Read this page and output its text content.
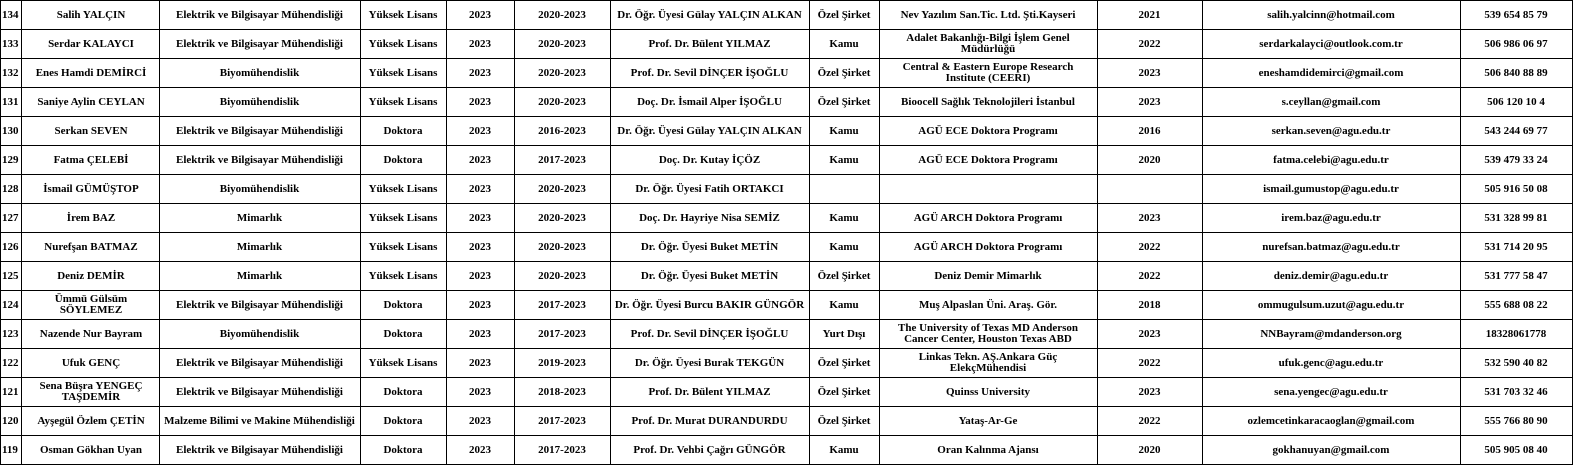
134	Salih YALÇIN	Elektrik ve Bilgisayar Mühendisliği	Yüksek Lisans	2023	2020-2023	Dr. Öğr. Üyesi Gülay YALÇIN ALKAN	Özel Şirket	Nev Yazılım San.Tic. Ltd. Şti.Kayseri	2021	salih.yalcinn@hotmail.com	539 654 85 79
133	Serdar KALAYCI	Elektrik ve Bilgisayar Mühendisliği	Yüksek Lisans	2023	2020-2023	Prof. Dr. Bülent YILMAZ	Kamu	Adalet Bakanlığı-Bilgi İşlem Genel Müdürlüğü	2022	serdarkalayci@outlook.com.tr	506 986 06 97
132	Enes Hamdi DEMİRCİ	Biyomühendislik	Yüksek Lisans	2023	2020-2023	Prof. Dr. Sevil DİNÇER İŞOĞLU	Özel Şirket	Central & Eastern Europe Research Institute (CEERI)	2023	eneshamdidemirci@gmail.com	506 840 88 89
131	Saniye Aylin CEYLAN	Biyomühendislik	Yüksek Lisans	2023	2020-2023	Doç. Dr. İsmail Alper İŞOĞLU	Özel Şirket	Bioocell Sağlık Teknolojileri İstanbul	2023	s.ceyllan@gmail.com	506 120 10 4
130	Serkan SEVEN	Elektrik ve Bilgisayar Mühendisliği	Doktora	2023	2016-2023	Dr. Öğr. Üyesi Gülay YALÇIN ALKAN	Kamu	AGÜ ECE Doktora Programı	2016	serkan.seven@agu.edu.tr	543 244 69 77
129	Fatma ÇELEBİ	Elektrik ve Bilgisayar Mühendisliği	Doktora	2023	2017-2023	Doç. Dr. Kutay İÇÖZ	Kamu	AGÜ ECE Doktora Programı	2020	fatma.celebi@agu.edu.tr	539 479 33 24
128	İsmail GÜMÜŞTOP	Biyomühendislik	Yüksek Lisans	2023	2020-2023	Dr. Öğr. Üyesi Fatih ORTAKCI				ismail.gumustop@agu.edu.tr	505 916 50 08
127	İrem BAZ	Mimarlık	Yüksek Lisans	2023	2020-2023	Doç. Dr. Hayriye Nisa SEMİZ	Kamu	AGÜ ARCH Doktora Programı	2023	irem.baz@agu.edu.tr	531 328 99 81
126	Nurefşan BATMAZ	Mimarlık	Yüksek Lisans	2023	2020-2023	Dr. Öğr. Üyesi Buket METİN	Kamu	AGÜ ARCH Doktora Programı	2022	nurefsan.batmaz@agu.edu.tr	531 714 20 95
125	Deniz DEMİR	Mimarlık	Yüksek Lisans	2023	2020-2023	Dr. Öğr. Üyesi Buket METİN	Özel Şirket	Deniz Demir Mimarlık	2022	deniz.demir@agu.edu.tr	531 777 58 47
124	Ümmü Gülsüm SÖYLEMEZ	Elektrik ve Bilgisayar Mühendisliği	Doktora	2023	2017-2023	Dr. Öğr. Üyesi Burcu BAKIR GÜNGÖR	Kamu	Muş Alpaslan Üni. Araş. Gör.	2018	ommugulsum.uzut@agu.edu.tr	555 688 08 22
123	Nazende Nur Bayram	Biyomühendislik	Doktora	2023	2017-2023	Prof. Dr. Sevil DİNÇER İŞOĞLU	Yurt Dışı	The University of Texas MD Anderson Cancer Center, Houston Texas ABD	2023	NNBayram@mdanderson.org	18328061778
122	Ufuk GENÇ	Elektrik ve Bilgisayar Mühendisliği	Yüksek Lisans	2023	2019-2023	Dr. Öğr. Üyesi Burak TEKGÜN	Özel Şirket	Linkas Tekn. AŞ.Ankara Güç ElekçMühendisi	2022	ufuk.genc@agu.edu.tr	532 590 40 82
121	Sena Büşra YENGEÇ TAŞDEMİR	Elektrik ve Bilgisayar Mühendisliği	Doktora	2023	2018-2023	Prof. Dr. Bülent YILMAZ	Özel Şirket	Quinss University	2023	sena.yengec@agu.edu.tr	531 703 32 46
120	Ayşegül Özlem ÇETİN	Malzeme Bilimi ve Makine Mühendisliği	Doktora	2023	2017-2023	Prof. Dr. Murat DURANDURDU	Özel Şirket	Yataş-Ar-Ge	2022	ozlemcetinkaracaoglan@gmail.com	555 766 80 90
119	Osman Gökhan Uyan	Elektrik ve Bilgisayar Mühendisliği	Doktora	2023	2017-2023	Prof. Dr. Vehbi Çağrı GÜNGÖR	Kamu	Oran Kalınma Ajansı	2020	gokhanuyan@gmail.com	505 905 08 40
